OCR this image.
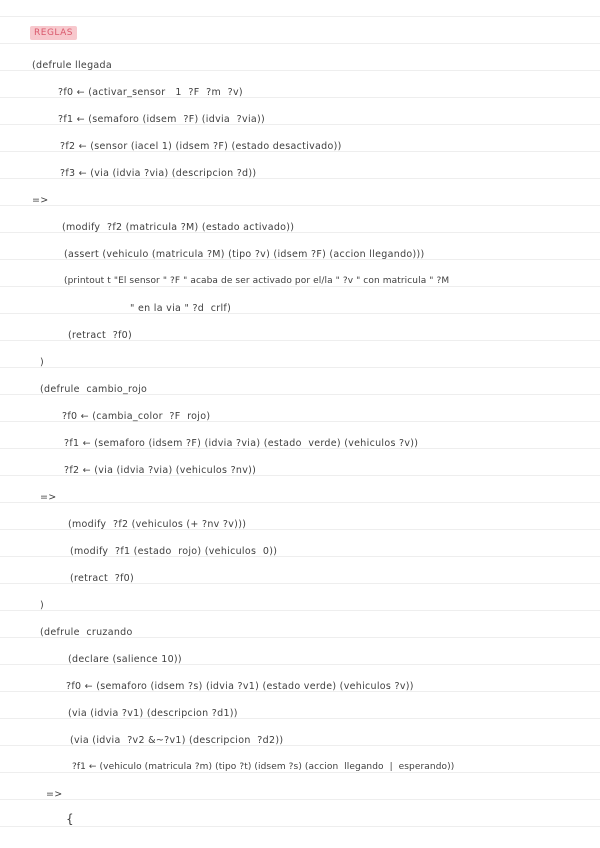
REGLAS
(defrule llegada
?f0 ← (activar_sensor   1  ?F  ?m  ?v)
?f1 ← (semaforo (idsem  ?F) (idvia  ?via))
?f2 ← (sensor (iacel 1) (idsem ?F) (estado desactivado))
?f3 ← (via (idvia ?via) (descripcion ?d))
=>
(modify  ?f2 (matricula ?M) (estado activado))
(assert (vehiculo (matricula ?M) (tipo ?v) (idsem ?F) (accion llegando)))
(printout t "El sensor " ?F " acaba de ser activado por el/la " ?v " con matricula " ?M
" en la via " ?d  crlf)
(retract  ?f0)
)
(defrule  cambio_rojo
?f0 ← (cambia_color  ?F  rojo)
?f1 ← (semaforo (idsem ?F) (idvia ?via) (estado  verde) (vehiculos ?v))
?f2 ← (via (idvia ?via) (vehiculos ?nv))
=>
(modify  ?f2 (vehiculos (+ ?nv ?v)))
(modify  ?f1 (estado  rojo) (vehiculos  0))
(retract  ?f0)
)
(defrule  cruzando
(declare (salience 10))
?f0 ← (semaforo (idsem ?s) (idvia ?v1) (estado verde) (vehiculos ?v))
(via (idvia ?v1) (descripcion ?d1))
(via (idvia  ?v2 &~?v1) (descripcion  ?d2))
?f1 ← (vehiculo (matricula ?m) (tipo ?t) (idsem ?s) (accion  llegando  |  esperando))
=>
{
